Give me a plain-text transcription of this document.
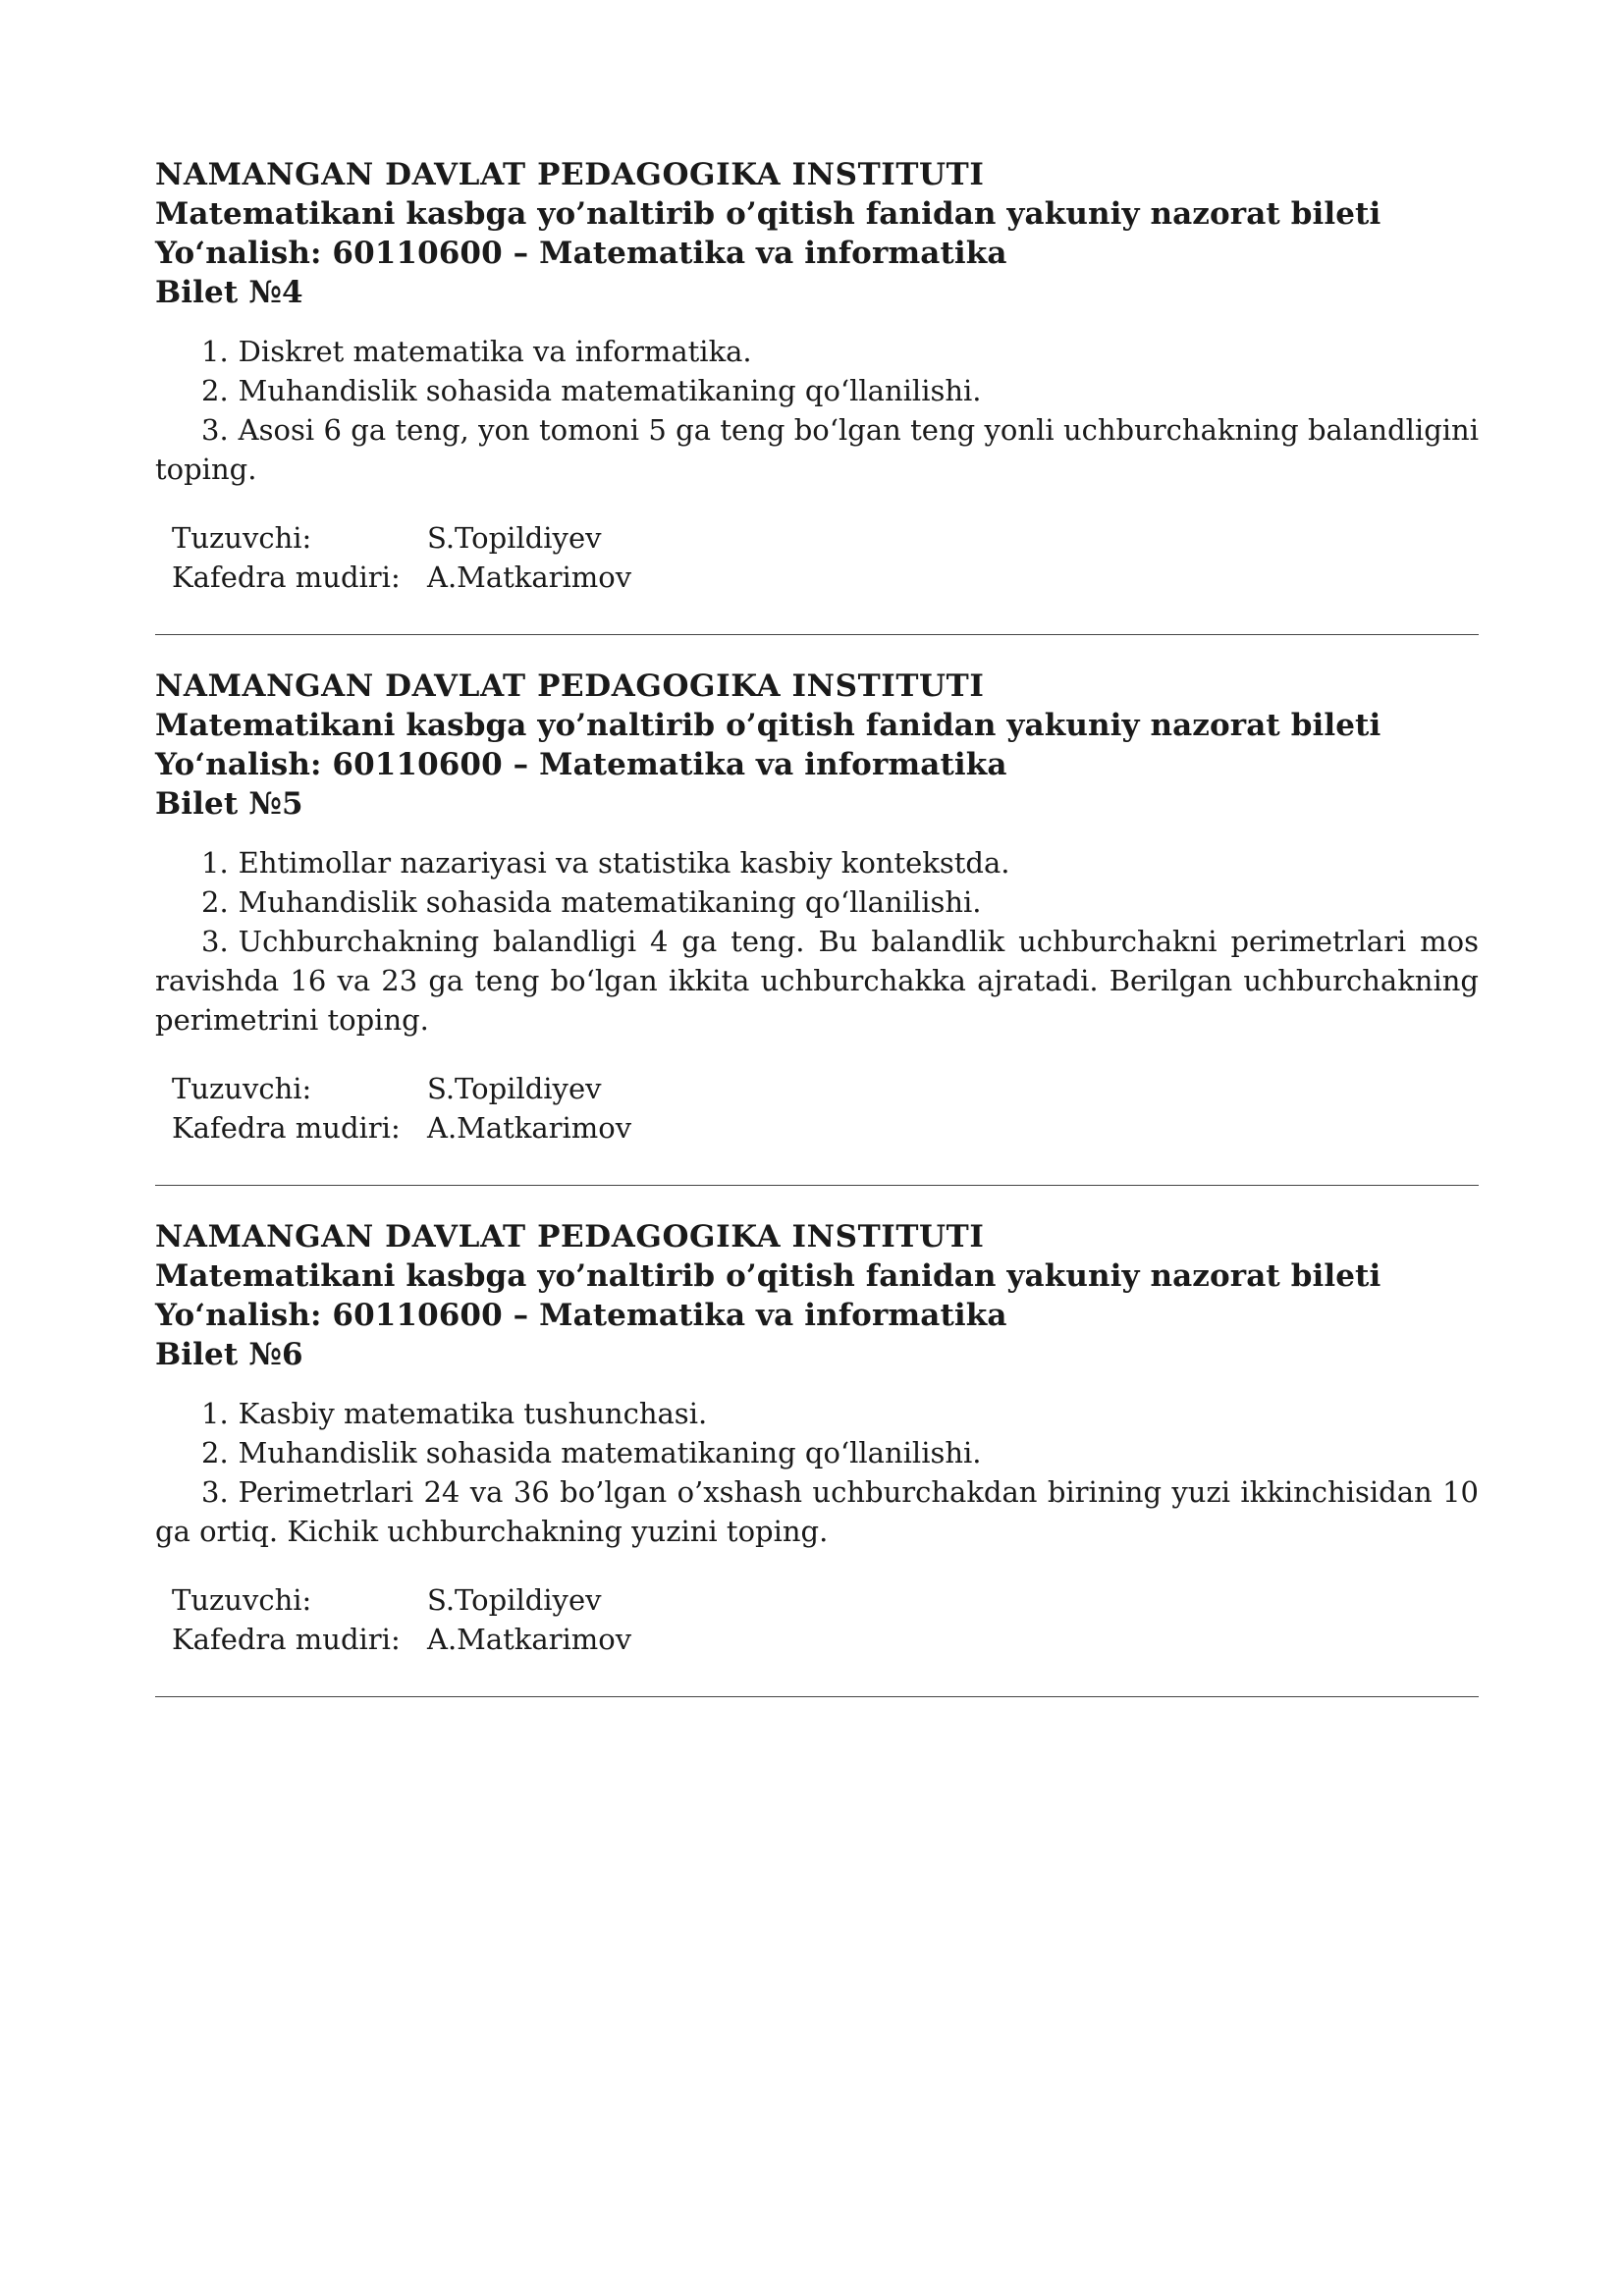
NAMANGAN DAVLAT PEDAGOGIKA INSTITUTI
Matematikani kasbga yo’naltirib o’qitish fanidan yakuniy nazorat bileti
Yo‘nalish: 60110600 – Matematika va informatika
Bilet №4
1. Diskret matematika va informatika.
2. Muhandislik sohasida matematikaning qo‘llanilishi.
3. Asosi 6 ga teng, yon tomoni 5 ga teng bo‘lgan teng yonli uchburchakning balandligini toping.
Tuzuvchi:	S.Topildiyev
Kafedra mudiri: A.Matkarimov
NAMANGAN DAVLAT PEDAGOGIKA INSTITUTI
Matematikani kasbga yo’naltirib o’qitish fanidan yakuniy nazorat bileti
Yo‘nalish: 60110600 – Matematika va informatika
Bilet №5
1. Ehtimollar nazariyasi va statistika kasbiy kontekstda.
2. Muhandislik sohasida matematikaning qo‘llanilishi.
3. Uchburchakning balandligi 4 ga teng. Bu balandlik uchburchakni perimetrlari mos ravishda 16 va 23 ga teng bo‘lgan ikkita uchburchakka ajratadi. Berilgan uchburchakning perimetrini toping.
Tuzuvchi:	S.Topildiyev
Kafedra mudiri: A.Matkarimov
NAMANGAN DAVLAT PEDAGOGIKA INSTITUTI
Matematikani kasbga yo’naltirib o’qitish fanidan yakuniy nazorat bileti
Yo‘nalish: 60110600 – Matematika va informatika
Bilet №6
1. Kasbiy matematika tushunchasi.
2. Muhandislik sohasida matematikaning qo‘llanilishi.
3. Perimetrlari 24 va 36 bo’lgan o’xshash uchburchakdan birining yuzi ikkinchisidan 10 ga ortiq. Kichik uchburchakning yuzini toping.
Tuzuvchi:	S.Topildiyev
Kafedra mudiri: A.Matkarimov
